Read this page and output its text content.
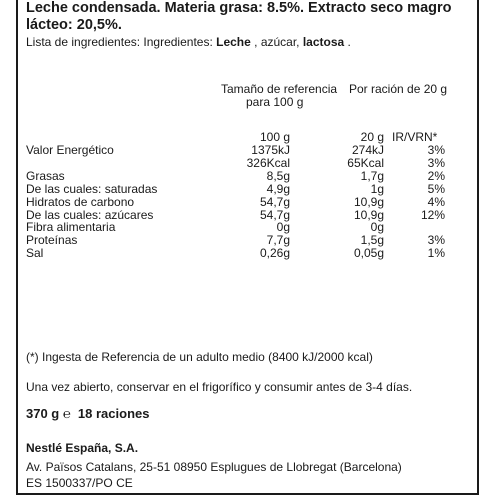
Leche condensada. Materia grasa: 8.5%. Extracto seco magro
lácteo: 20,5%.
Lista de ingredientes: Ingredientes: Leche , azúcar, lactosa .
Tamaño de referencia
para 100 g
Por ración de 20 g
100 g	20 g IR/VRN*
Valor Energético	1375kJ	274kJ	3%
326Kcal	65Kcal	3%
Grasas	8,5g	1,7g	2%
De las cuales: saturadas	4,9g	1g	5%
Hidratos de carbono	54,7g	10,9g	4%
De las cuales: azúcares	54,7g	10,9g	12%
Fibra alimentaria	0g	0g
Proteínas	7,7g	1,5g	3%
Sal	0,26g	0,05g	1%
(*) Ingesta de Referencia de un adulto medio (8400 kJ/2000 kcal)
Una vez abierto, conservar en el frigorífico y consumir antes de 3-4 días.
370 g ℮ 18 raciones
Nestlé España, S.A.
Av. Països Catalans, 25-51 08950 Esplugues de Llobregat (Barcelona)
ES 1500337/PO CE
